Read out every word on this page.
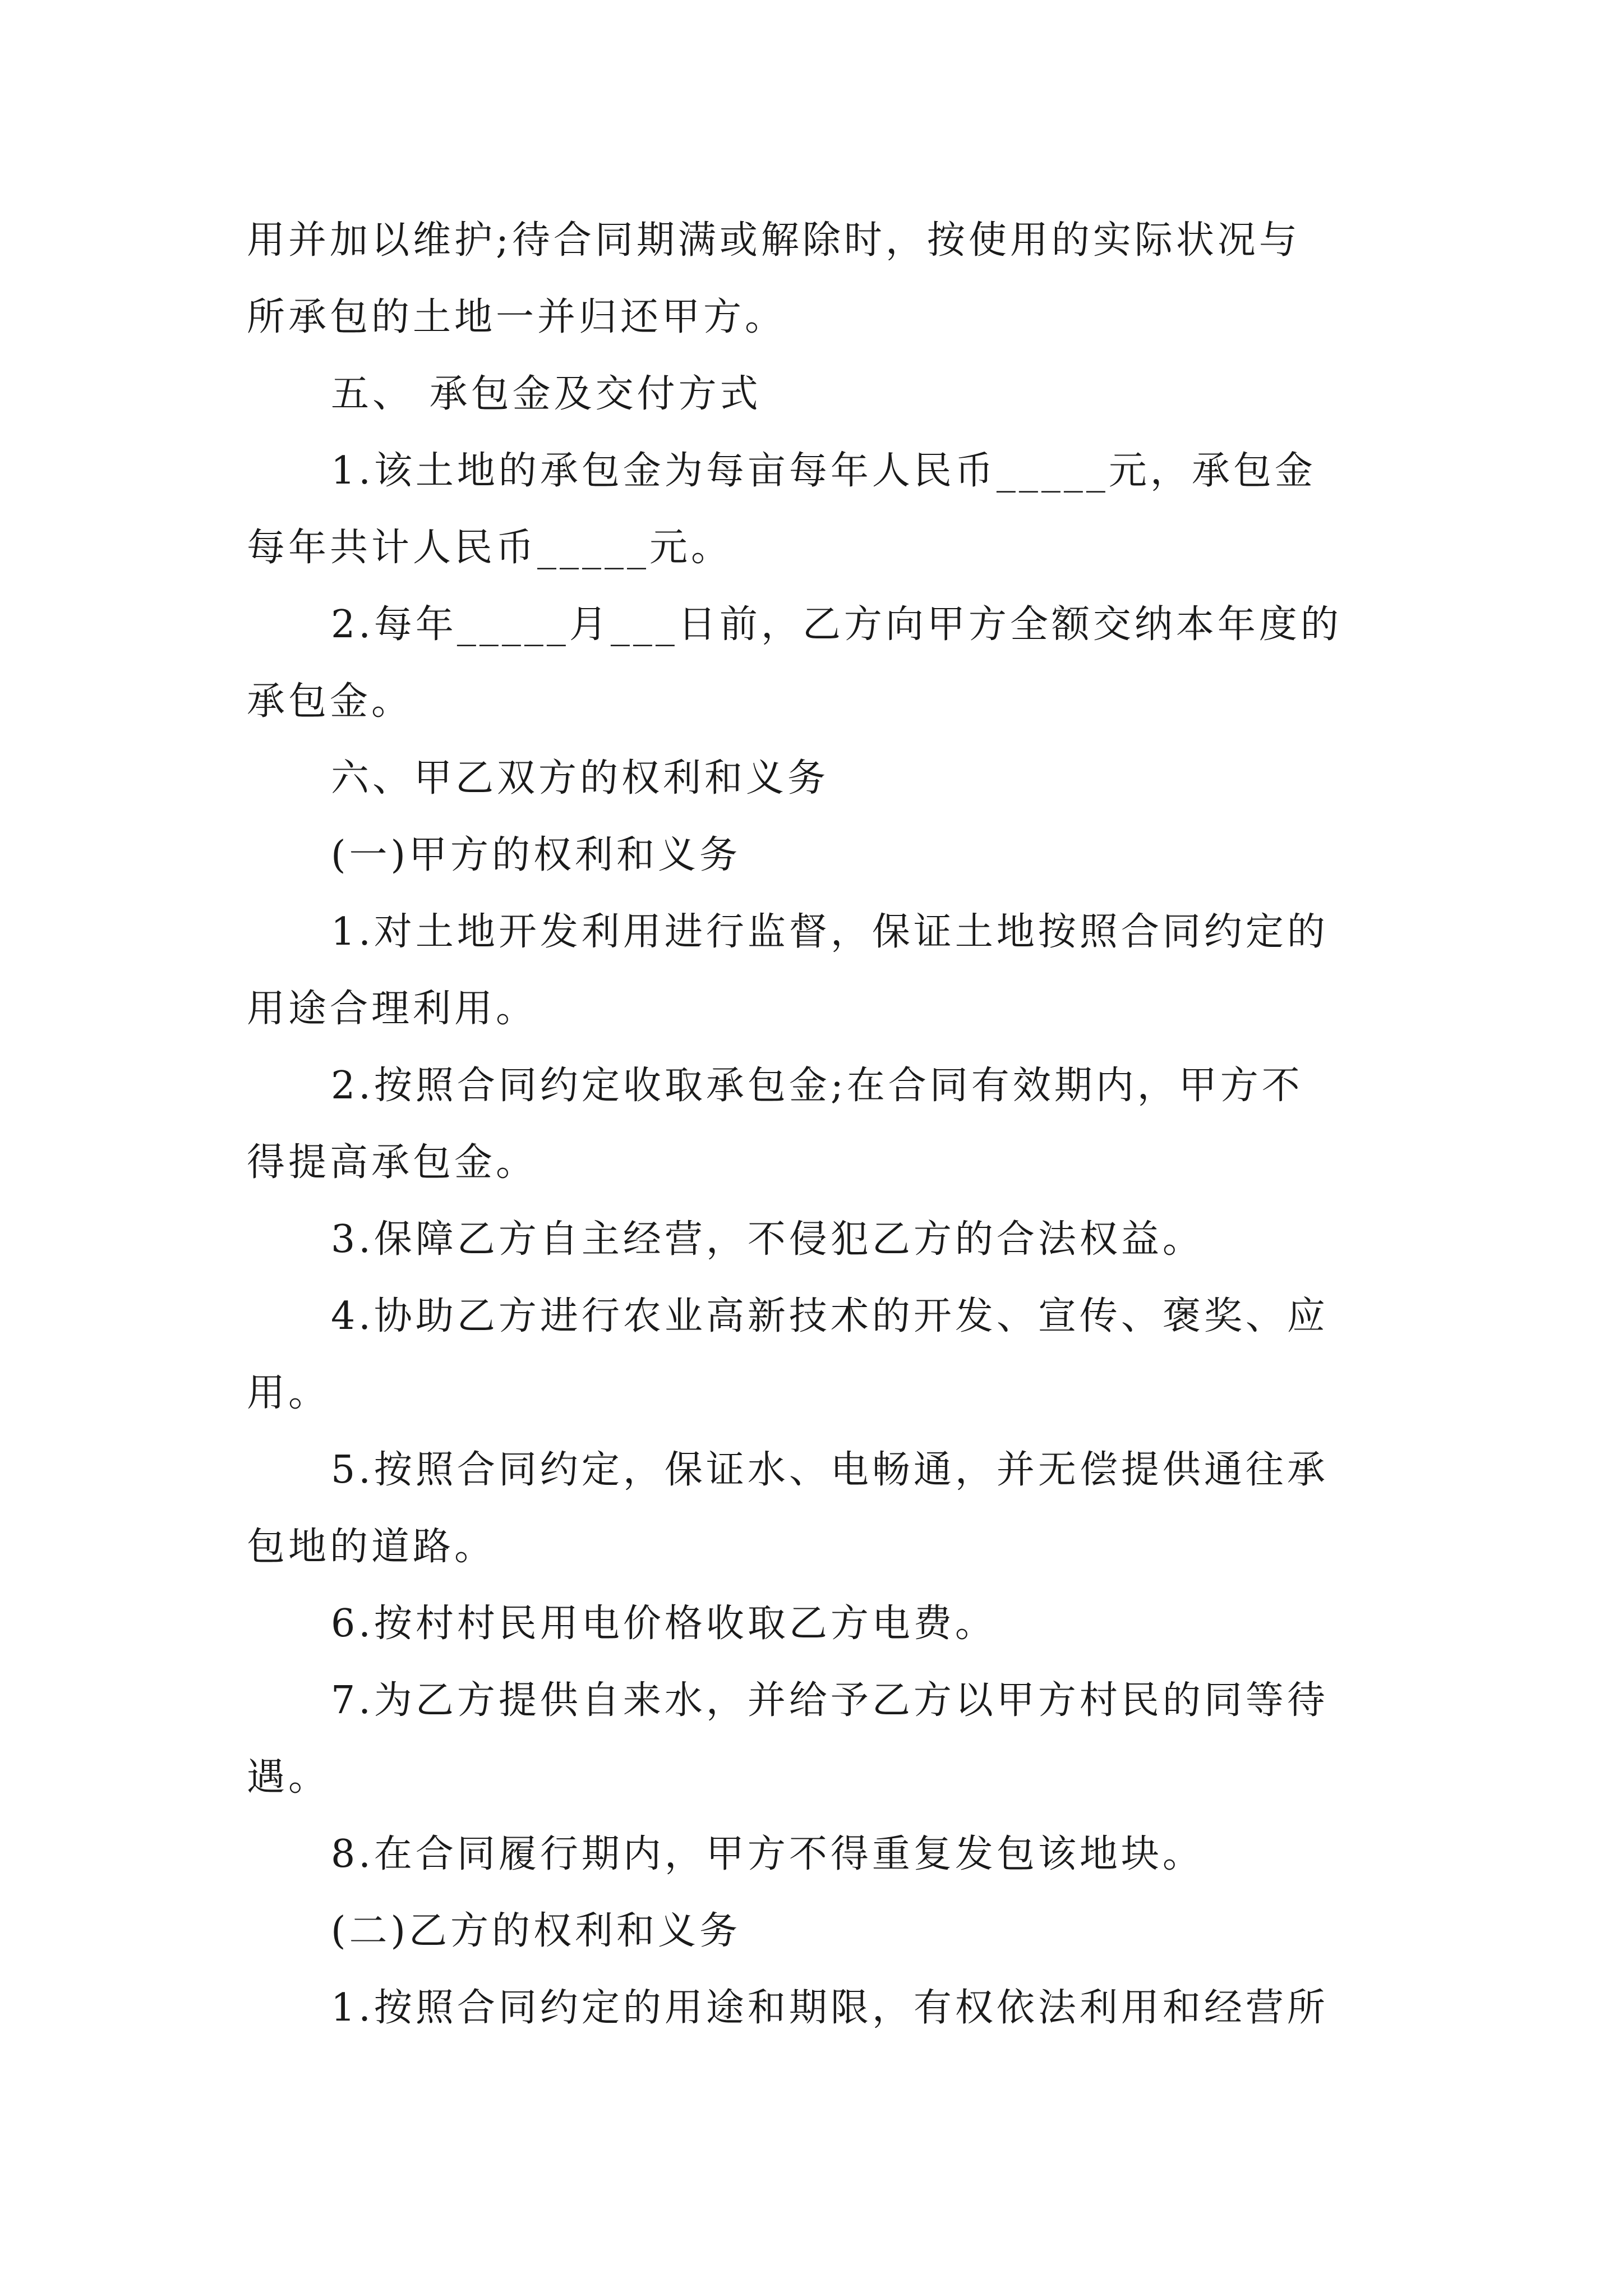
用并加以维护;待合同期满或解除时，按使用的实际状况与
所承包的土地一并归还甲方。
五、 承包金及交付方式
1.该土地的承包金为每亩每年人民币_____元，承包金
每年共计人民币_____元。
2.每年_____月___日前，乙方向甲方全额交纳本年度的
承包金。
六、甲乙双方的权利和义务
(一)甲方的权利和义务
1.对土地开发利用进行监督，保证土地按照合同约定的
用途合理利用。
2.按照合同约定收取承包金;在合同有效期内，甲方不
得提高承包金。
3.保障乙方自主经营，不侵犯乙方的合法权益。
4.协助乙方进行农业高新技术的开发、宣传、褒奖、应
用。
5.按照合同约定，保证水、电畅通，并无偿提供通往承
包地的道路。
6.按村村民用电价格收取乙方电费。
7.为乙方提供自来水，并给予乙方以甲方村民的同等待
遇。
8.在合同履行期内，甲方不得重复发包该地块。
(二)乙方的权利和义务
1.按照合同约定的用途和期限，有权依法利用和经营所
